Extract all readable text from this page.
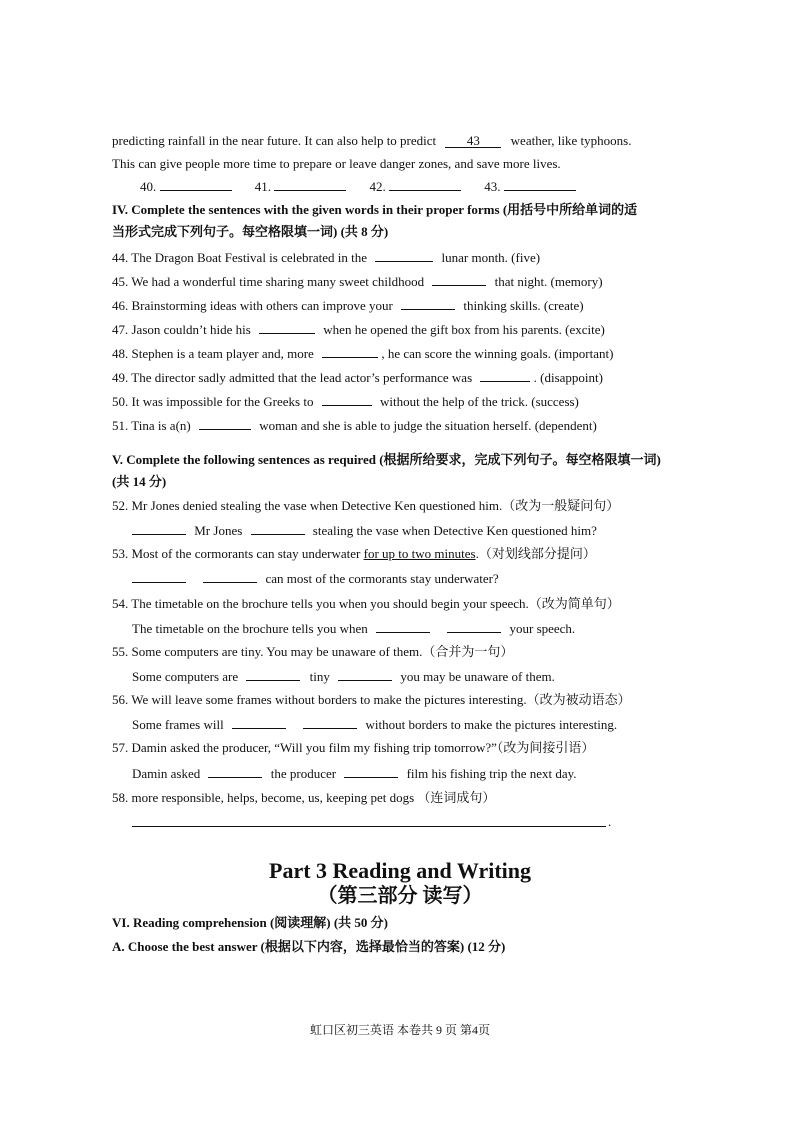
predicting rainfall in the near future. It can also help to predict 43 weather, like typhoons.
This can give people more time to prepare or leave danger zones, and save more lives.
40.	41.	42.	43.
IV. Complete the sentences with the given words in their proper forms (用括号中所给单词的适
当形式完成下列句子。每空格限填一词) (共 8 分)
44. The Dragon Boat Festival is celebrated in the	lunar month. (five)
45. We had a wonderful time sharing many sweet childhood	that night. (memory)
46. Brainstorming ideas with others can improve your	thinking skills. (create)
47. Jason couldn’t hide his	when he opened the gift box from his parents. (excite)
48. Stephen is a team player and, more	, he can score the winning goals. (important)
49. The director sadly admitted that the lead actor’s performance was	. (disappoint)
50. It was impossible for the Greeks to	without the help of the trick. (success)
51. Tina is a(n)	woman and she is able to judge the situation herself. (dependent)
V. Complete the following sentences as required (根据所给要求，完成下列句子。每空格限填一词)
(共 14 分)
52. Mr Jones denied stealing the vase when Detective Ken questioned him.（改为一般疑问句）
Mr Jones	stealing the vase when Detective Ken questioned him?
53. Most of the cormorants can stay underwater for up to two minutes.（对划线部分提问）
can most of the cormorants stay underwater?
54. The timetable on the brochure tells you when you should begin your speech.（改为简单句）
The timetable on the brochure tells you when	your speech.
55. Some computers are tiny. You may be unaware of them.（合并为一句）
Some computers are	tiny	you may be unaware of them.
56. We will leave some frames without borders to make the pictures interesting.（改为被动语态）
Some frames will	without borders to make the pictures interesting.
57. Damin asked the producer, “Will you film my fishing trip tomorrow?”（改为间接引语）
Damin asked	the producer	film his fishing trip the next day.
58. more responsible, helps, become, us, keeping pet dogs （连词成句）
.
Part 3 Reading and Writing
（第三部分 读写）
VI. Reading comprehension (阅读理解) (共 50 分)
A. Choose the best answer (根据以下内容，选择最恰当的答案) (12 分)
虹口区初三英语 本卷共 9 页 第4页
